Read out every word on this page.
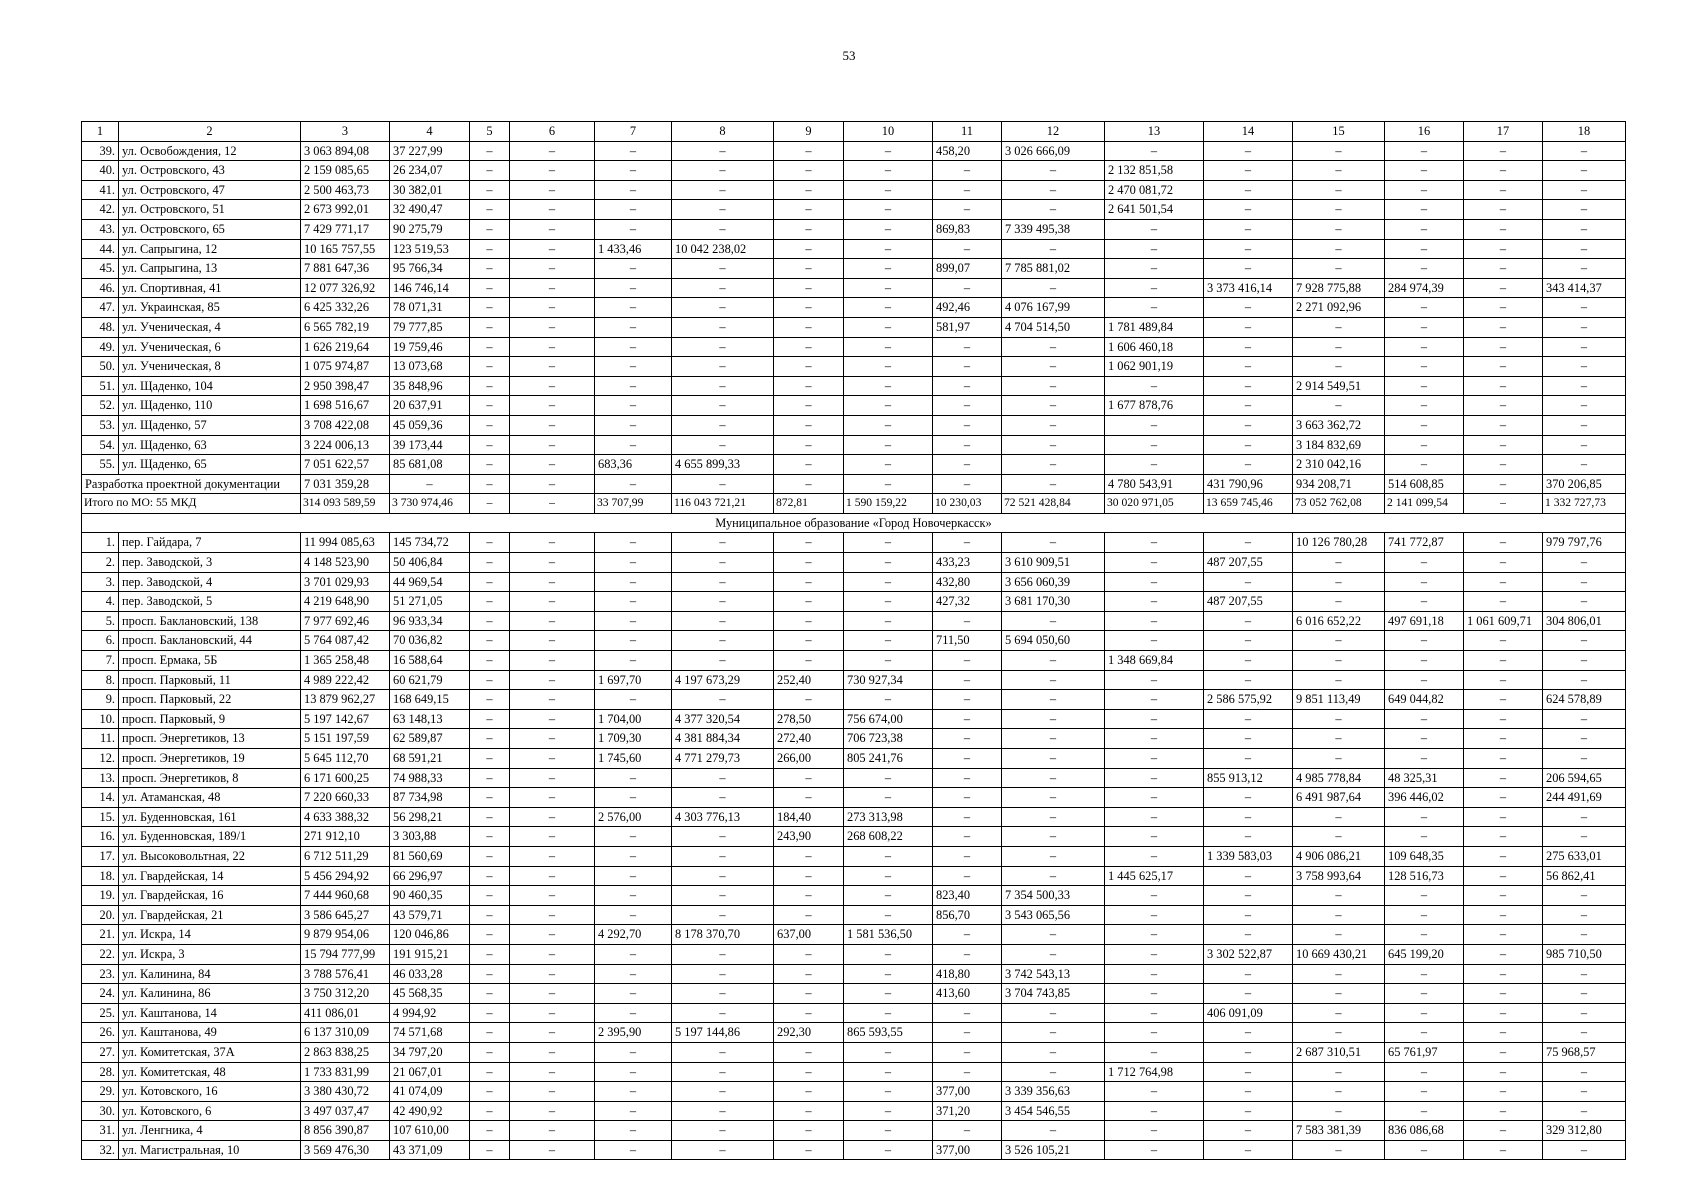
53
1	2	3	4	5	6	7	8	9	10	11	12	13	14	15	16	17	18
39.	ул. Освобождения, 12	3 063 894,08	37 227,99	–	–	–	–	–	–	458,20	3 026 666,09	–	–	–	–	–	–
40.	ул. Островского, 43	2 159 085,65	26 234,07	–	–	–	–	–	–	–	–	2 132 851,58	–	–	–	–	–
41.	ул. Островского, 47	2 500 463,73	30 382,01	–	–	–	–	–	–	–	–	2 470 081,72	–	–	–	–	–
42.	ул. Островского, 51	2 673 992,01	32 490,47	–	–	–	–	–	–	–	–	2 641 501,54	–	–	–	–	–
43.	ул. Островского, 65	7 429 771,17	90 275,79	–	–	–	–	–	–	869,83	7 339 495,38	–	–	–	–	–	–
44.	ул. Сапрыгина, 12	10 165 757,55	123 519,53	–	–	1 433,46	10 042 238,02	–	–	–	–	–	–	–	–	–	–
45.	ул. Сапрыгина, 13	7 881 647,36	95 766,34	–	–	–	–	–	–	899,07	7 785 881,02	–	–	–	–	–	–
46.	ул. Спортивная, 41	12 077 326,92	146 746,14	–	–	–	–	–	–	–	–	–	3 373 416,14	7 928 775,88	284 974,39	–	343 414,37
47.	ул. Украинская, 85	6 425 332,26	78 071,31	–	–	–	–	–	–	492,46	4 076 167,99	–	–	2 271 092,96	–	–	–
48.	ул. Ученическая, 4	6 565 782,19	79 777,85	–	–	–	–	–	–	581,97	4 704 514,50	1 781 489,84	–	–	–	–	–
49.	ул. Ученическая, 6	1 626 219,64	19 759,46	–	–	–	–	–	–	–	–	1 606 460,18	–	–	–	–	–
50.	ул. Ученическая, 8	1 075 974,87	13 073,68	–	–	–	–	–	–	–	–	1 062 901,19	–	–	–	–	–
51.	ул. Щаденко, 104	2 950 398,47	35 848,96	–	–	–	–	–	–	–	–	–	–	2 914 549,51	–	–	–
52.	ул. Щаденко, 110	1 698 516,67	20 637,91	–	–	–	–	–	–	–	–	1 677 878,76	–	–	–	–	–
53.	ул. Щаденко, 57	3 708 422,08	45 059,36	–	–	–	–	–	–	–	–	–	–	3 663 362,72	–	–	–
54.	ул. Щаденко, 63	3 224 006,13	39 173,44	–	–	–	–	–	–	–	–	–	–	3 184 832,69	–	–	–
55.	ул. Щаденко, 65	7 051 622,57	85 681,08	–	–	683,36	4 655 899,33	–	–	–	–	–	–	2 310 042,16	–	–	–
Разработка проектной документации		7 031 359,28	–	–	–	–	–	–	–	–	–	4 780 543,91	431 790,96	934 208,71	514 608,85	–	370 206,85
Итого по МО: 55 МКД		314 093 589,59	3 730 974,46	–	–	33 707,99	116 043 721,21	872,81	1 590 159,22	10 230,03	72 521 428,84	30 020 971,05	13 659 745,46	73 052 762,08	2 141 099,54	–	1 332 727,73
Муниципальное образование «Город Новочеркасск»																	
1.	пер. Гайдара, 7	11 994 085,63	145 734,72	–	–	–	–	–	–	–	–	–	–	10 126 780,28	741 772,87	–	979 797,76
2.	пер. Заводской, 3	4 148 523,90	50 406,84	–	–	–	–	–	–	433,23	3 610 909,51	–	487 207,55	–	–	–	–
3.	пер. Заводской, 4	3 701 029,93	44 969,54	–	–	–	–	–	–	432,80	3 656 060,39	–	–	–	–	–	–
4.	пер. Заводской, 5	4 219 648,90	51 271,05	–	–	–	–	–	–	427,32	3 681 170,30	–	487 207,55	–	–	–	–
5.	просп. Баклановский, 138	7 977 692,46	96 933,34	–	–	–	–	–	–	–	–	–	–	6 016 652,22	497 691,18	1 061 609,71	304 806,01
6.	просп. Баклановский, 44	5 764 087,42	70 036,82	–	–	–	–	–	–	711,50	5 694 050,60	–	–	–	–	–	–
7.	просп. Ермака, 5Б	1 365 258,48	16 588,64	–	–	–	–	–	–	–	–	1 348 669,84	–	–	–	–	–
8.	просп. Парковый, 11	4 989 222,42	60 621,79	–	–	1 697,70	4 197 673,29	252,40	730 927,34	–	–	–	–	–	–	–	–
9.	просп. Парковый, 22	13 879 962,27	168 649,15	–	–	–	–	–	–	–	–	–	2 586 575,92	9 851 113,49	649 044,82	–	624 578,89
10.	просп. Парковый, 9	5 197 142,67	63 148,13	–	–	1 704,00	4 377 320,54	278,50	756 674,00	–	–	–	–	–	–	–	–
11.	просп. Энергетиков, 13	5 151 197,59	62 589,87	–	–	1 709,30	4 381 884,34	272,40	706 723,38	–	–	–	–	–	–	–	–
12.	просп. Энергетиков, 19	5 645 112,70	68 591,21	–	–	1 745,60	4 771 279,73	266,00	805 241,76	–	–	–	–	–	–	–	–
13.	просп. Энергетиков, 8	6 171 600,25	74 988,33	–	–	–	–	–	–	–	–	–	855 913,12	4 985 778,84	48 325,31	–	206 594,65
14.	ул. Атаманская, 48	7 220 660,33	87 734,98	–	–	–	–	–	–	–	–	–	–	6 491 987,64	396 446,02	–	244 491,69
15.	ул. Буденновская, 161	4 633 388,32	56 298,21	–	–	2 576,00	4 303 776,13	184,40	273 313,98	–	–	–	–	–	–	–	–
16.	ул. Буденновская, 189/1	271 912,10	3 303,88	–	–	–	–	243,90	268 608,22	–	–	–	–	–	–	–	–
17.	ул. Высоковольтная, 22	6 712 511,29	81 560,69	–	–	–	–	–	–	–	–	–	1 339 583,03	4 906 086,21	109 648,35	–	275 633,01
18.	ул. Гвардейская, 14	5 456 294,92	66 296,97	–	–	–	–	–	–	–	–	1 445 625,17	–	3 758 993,64	128 516,73	–	56 862,41
19.	ул. Гвардейская, 16	7 444 960,68	90 460,35	–	–	–	–	–	–	823,40	7 354 500,33	–	–	–	–	–	–
20.	ул. Гвардейская, 21	3 586 645,27	43 579,71	–	–	–	–	–	–	856,70	3 543 065,56	–	–	–	–	–	–
21.	ул. Искра, 14	9 879 954,06	120 046,86	–	–	4 292,70	8 178 370,70	637,00	1 581 536,50	–	–	–	–	–	–	–	–
22.	ул. Искра, 3	15 794 777,99	191 915,21	–	–	–	–	–	–	–	–	–	3 302 522,87	10 669 430,21	645 199,20	–	985 710,50
23.	ул. Калинина, 84	3 788 576,41	46 033,28	–	–	–	–	–	–	418,80	3 742 543,13	–	–	–	–	–	–
24.	ул. Калинина, 86	3 750 312,20	45 568,35	–	–	–	–	–	–	413,60	3 704 743,85	–	–	–	–	–	–
25.	ул. Каштанова, 14	411 086,01	4 994,92	–	–	–	–	–	–	–	–	–	406 091,09	–	–	–	–
26.	ул. Каштанова, 49	6 137 310,09	74 571,68	–	–	2 395,90	5 197 144,86	292,30	865 593,55	–	–	–	–	–	–	–	–
27.	ул. Комитетская, 37А	2 863 838,25	34 797,20	–	–	–	–	–	–	–	–	–	–	2 687 310,51	65 761,97	–	75 968,57
28.	ул. Комитетская, 48	1 733 831,99	21 067,01	–	–	–	–	–	–	–	–	1 712 764,98	–	–	–	–	–
29.	ул. Котовского, 16	3 380 430,72	41 074,09	–	–	–	–	–	–	377,00	3 339 356,63	–	–	–	–	–	–
30.	ул. Котовского, 6	3 497 037,47	42 490,92	–	–	–	–	–	–	371,20	3 454 546,55	–	–	–	–	–	–
31.	ул. Ленгника, 4	8 856 390,87	107 610,00	–	–	–	–	–	–	–	–	–	–	7 583 381,39	836 086,68	–	329 312,80
32.	ул. Магистральная, 10	3 569 476,30	43 371,09	–	–	–	–	–	–	377,00	3 526 105,21	–	–	–	–	–	–
